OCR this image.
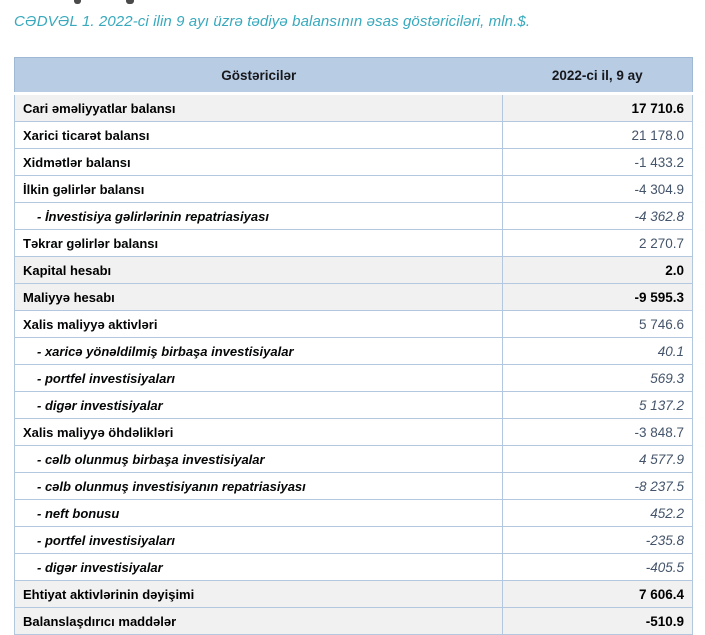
CƏDVƏL 1. 2022-ci ilin 9 ayı üzrə tədiyə balansının əsas göstəriciləri, mln.$.
Göstəricilər	2022-ci il, 9 ay
Cari əməliyyatlar balansı	17 710.6
Xarici ticarət balansı	21 178.0
Xidmətlər balansı	-1 433.2
İlkin gəlirlər balansı	-4 304.9
- İnvestisiya gəlirlərinin repatriasiyası	-4 362.8
Təkrar gəlirlər balansı	2 270.7
Kapital hesabı	2.0
Maliyyə hesabı	-9 595.3
Xalis maliyyə aktivləri	5 746.6
- xaricə yönəldilmiş birbaşa investisiyalar	40.1
- portfel investisiyaları	569.3
- digər investisiyalar	5 137.2
Xalis maliyyə öhdəlikləri	-3 848.7
- cəlb olunmuş birbaşa investisiyalar	4 577.9
- cəlb olunmuş investisiyanın repatriasiyası	-8 237.5
- neft bonusu	452.2
- portfel investisiyaları	-235.8
- digər investisiyalar	-405.5
Ehtiyat aktivlərinin dəyişimi	7 606.4
Balanslaşdırıcı maddələr	-510.9
